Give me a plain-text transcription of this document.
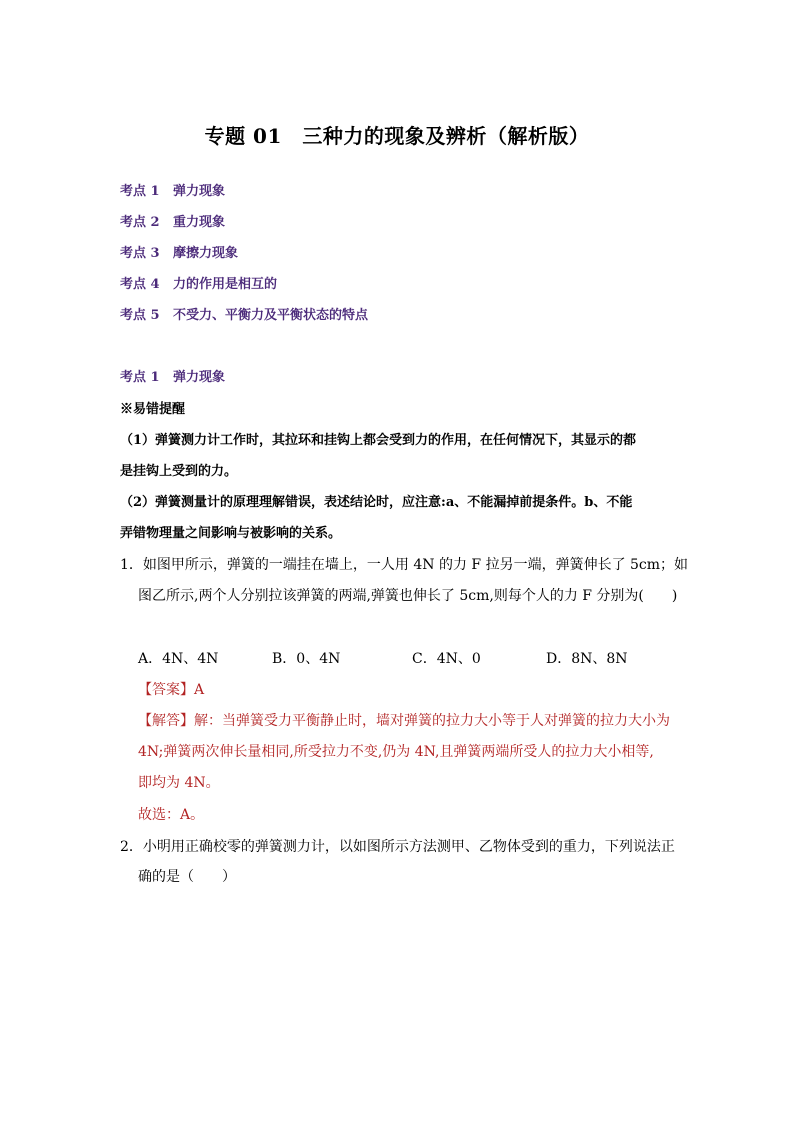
专题 01　三种力的现象及辨析（解析版）
考点 1 弹力现象
考点 2 重力现象
考点 3 摩擦力现象
考点 4 力的作用是相互的
考点 5 不受力、平衡力及平衡状态的特点
考点 1 弹力现象
※易错提醒
（1）弹簧测力计工作时，其拉环和挂钩上都会受到力的作用，在任何情况下，其显示的都
是挂钩上受到的力。
（2）弹簧测量计的原理理解错误，表述结论时，应注意:a、不能漏掉前提条件。b、不能
弄错物理量之间影响与被影响的关系。
1．如图甲所示，弹簧的一端挂在墙上，一人用 4N 的力 F 拉另一端，弹簧伸长了 5cm；如
图乙所示,两个人分别拉该弹簧的两端,弹簧也伸长了 5cm,则每个人的力 F 分别为(　　)
A．4N、4N	B．0、4N	C．4N、0	D．8N、8N
【答案】A
【解答】解：当弹簧受力平衡静止时，墙对弹簧的拉力大小等于人对弹簧的拉力大小为
4N;弹簧两次伸长量相同,所受拉力不变,仍为 4N,且弹簧两端所受人的拉力大小相等,
即均为 4N。
故选：A。
2．小明用正确校零的弹簧测力计，以如图所示方法测甲、乙物体受到的重力，下列说法正
确的是（　　）
